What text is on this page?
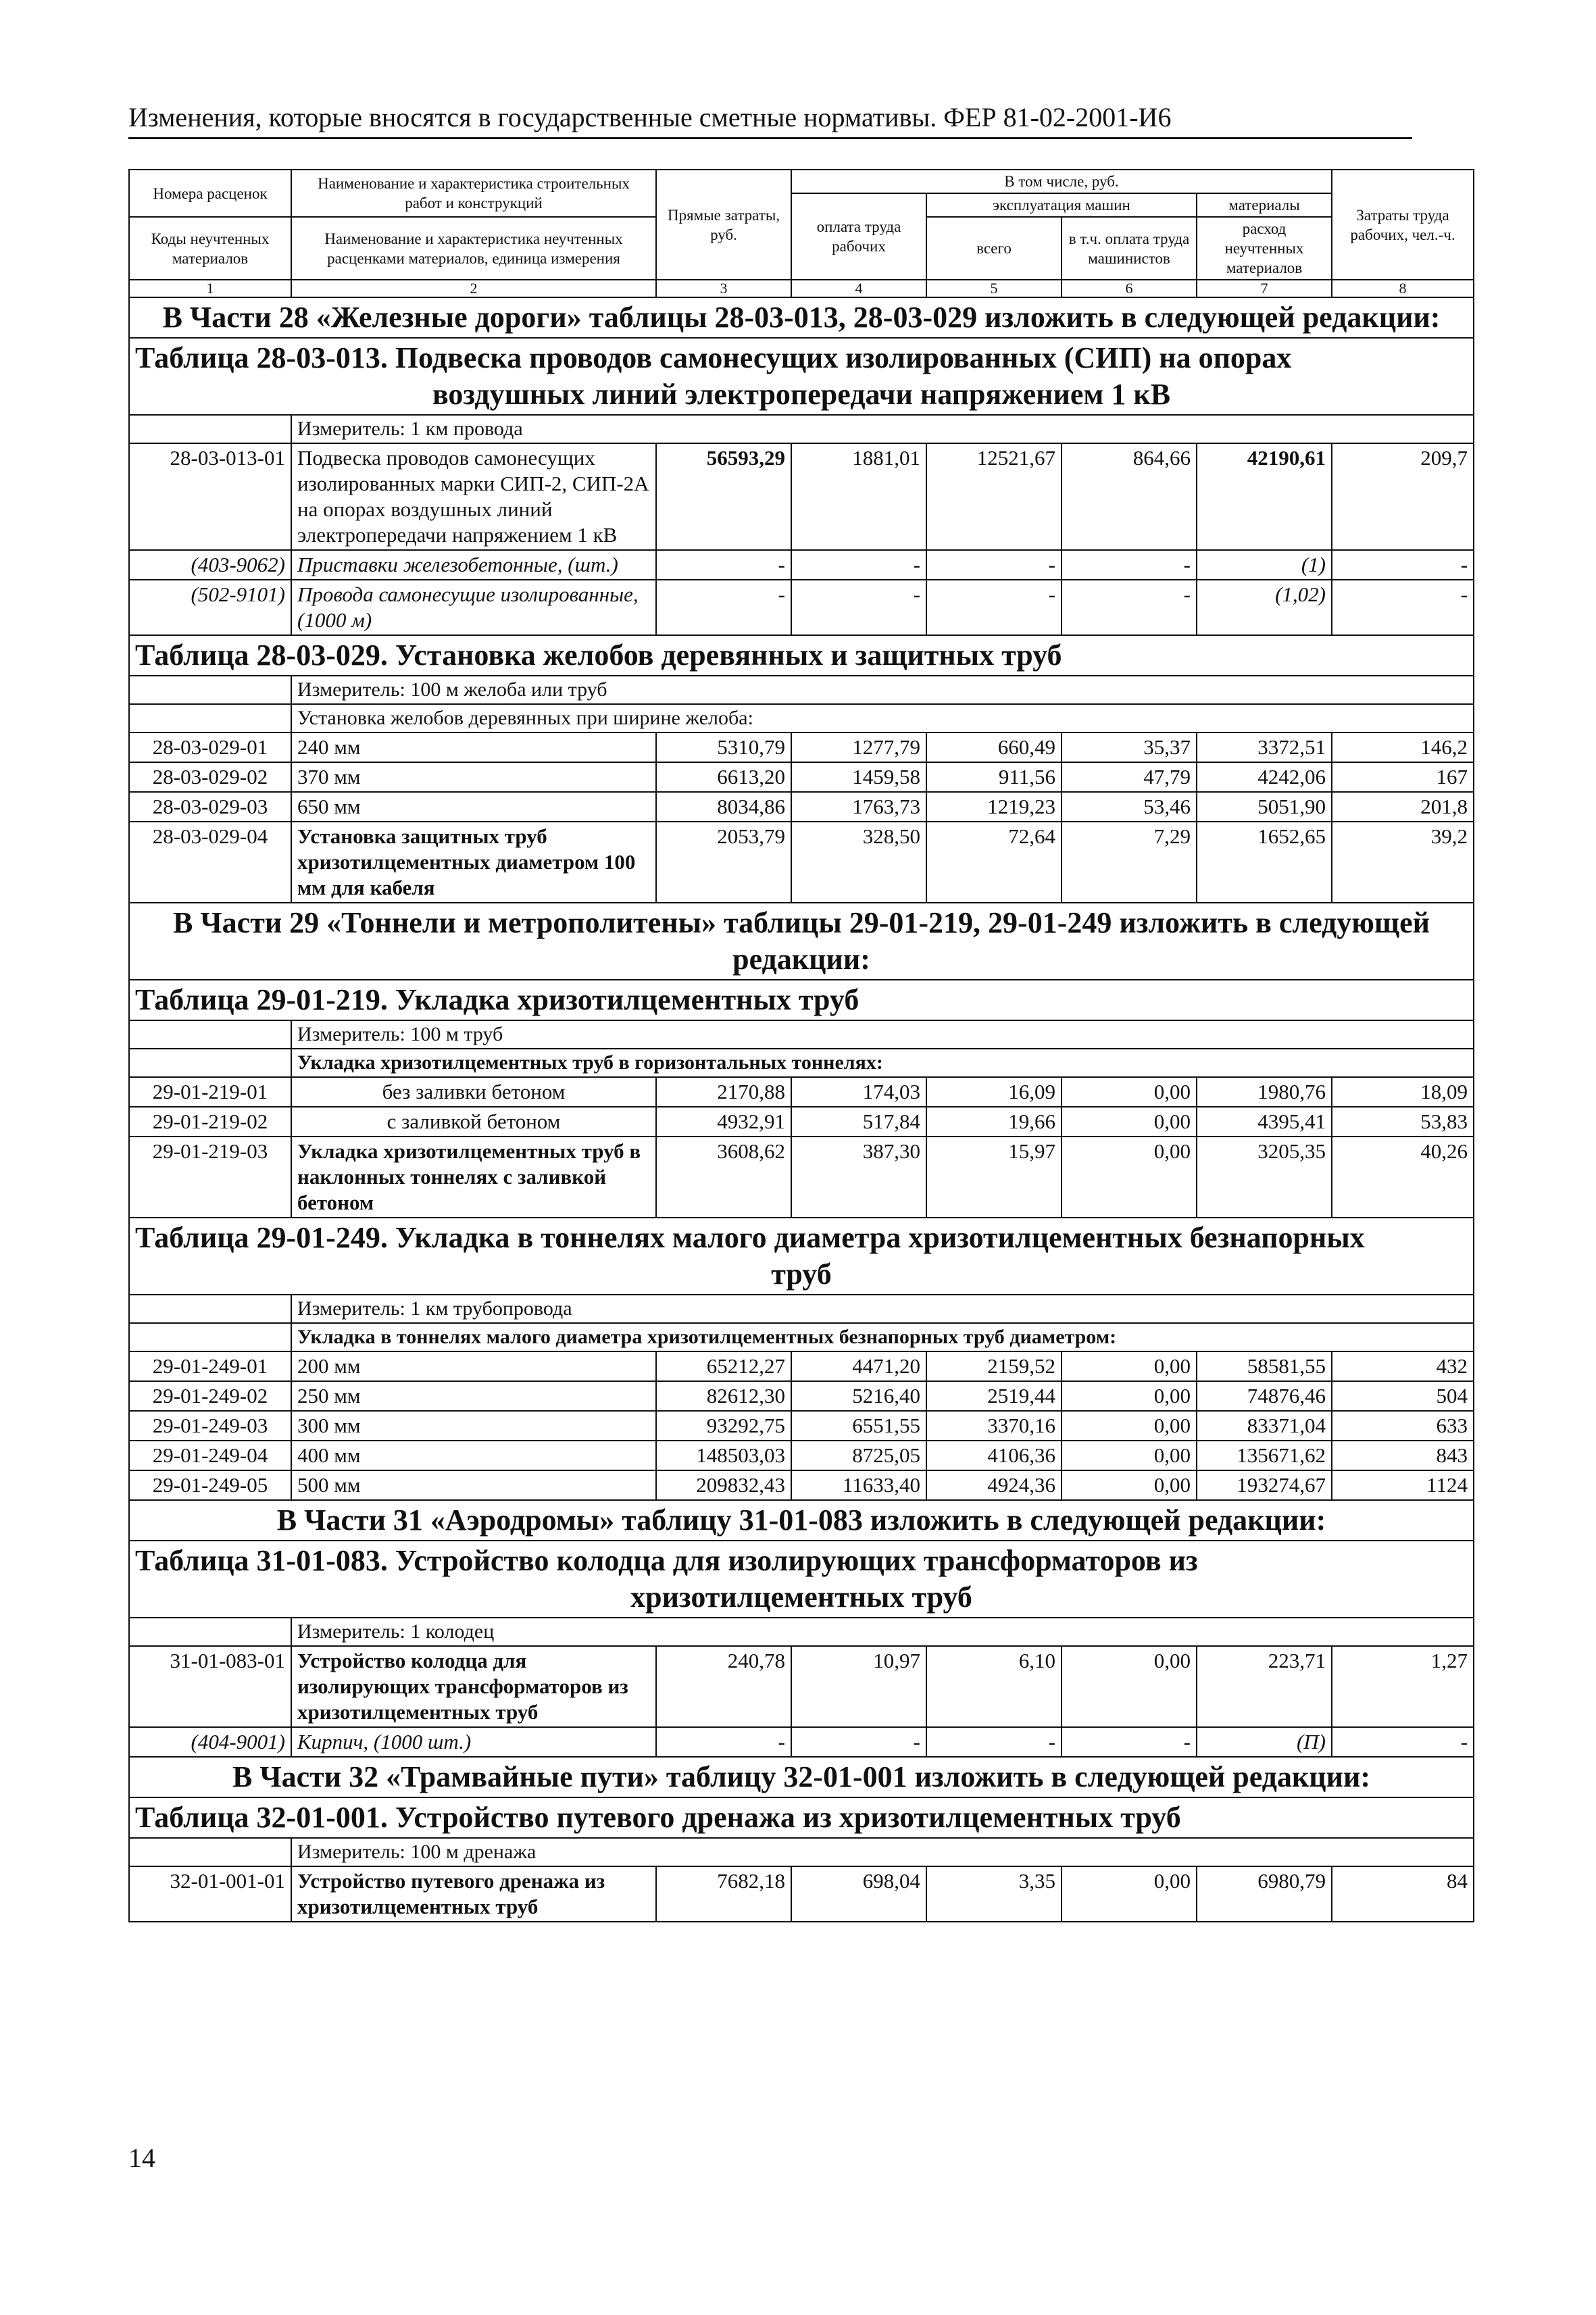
Изменения, которые вносятся в государственные сметные нормативы. ФЕР 81-02-2001-И6
Номера расценок	Наименование и характеристика строительных работ и конструкций	Прямые затраты, руб.	В том числе, руб.				Затраты труда рабочих, чел.-ч.
			оплата труда рабочих	эксплуатация машин		материалы	
Коды неучтенных материалов	Наименование и характеристика неучтенных расценками материалов, единица измерения			всего	в т.ч. оплата труда машинистов	расход неучтенных материалов	

1	2	3	4	5	6	7	8
В Части 28 «Железные дороги» таблицы 28-03-013, 28-03-029 изложить в следующей редакции:							
Таблица 28-03-013. Подвеска проводов самонесущих изолированных (СИП) на опорах
воздушных линий электропередачи напряжением 1 кВ							

	Измеритель: 1 км провода						
28-03-013-01	Подвеска проводов самонесущих изолированных марки СИП-2, СИП-2А на опорах воздушных линий электропередачи напряжением 1 кВ	56593,29	1881,01	12521,67	864,66	42190,61	209,7
(403-9062)	Приставки железобетонные, (шт.)	-	-	-	-	(1)	-
(502-9101)	Провода самонесущие изолированные, (1000 м)	-	-	-	-	(1,02)	-
Таблица 28-03-029. Установка желобов деревянных и защитных труб							
	Измеритель: 100 м желоба или труб						
	Установка желобов деревянных при ширине желоба:						
28-03-029-01	240 мм	5310,79	1277,79	660,49	35,37	3372,51	146,2
28-03-029-02	370 мм	6613,20	1459,58	911,56	47,79	4242,06	167
28-03-029-03	650 мм	8034,86	1763,73	1219,23	53,46	5051,90	201,8
28-03-029-04	Установка защитных труб хризотилцементных диаметром 100 мм для кабеля	2053,79	328,50	72,64	7,29	1652,65	39,2
В Части 29 «Тоннели и метрополитены» таблицы 29-01-219, 29-01-249 изложить в следующей редакции:							
Таблица 29-01-219. Укладка хризотилцементных труб							
	Измеритель: 100 м труб						
	Укладка хризотилцементных труб в горизонтальных тоннелях:						
29-01-219-01	без заливки бетоном	2170,88	174,03	16,09	0,00	1980,76	18,09
29-01-219-02	с заливкой бетоном	4932,91	517,84	19,66	0,00	4395,41	53,83
29-01-219-03	Укладка хризотилцементных труб в наклонных тоннелях с заливкой бетоном	3608,62	387,30	15,97	0,00	3205,35	40,26
Таблица 29-01-249. Укладка в тоннелях малого диаметра хризотилцементных безнапорных
труб							

	Измеритель: 1 км трубопровода						
	Укладка в тоннелях малого диаметра хризотилцементных безнапорных труб диаметром:						
29-01-249-01	200 мм	65212,27	4471,20	2159,52	0,00	58581,55	432
29-01-249-02	250 мм	82612,30	5216,40	2519,44	0,00	74876,46	504
29-01-249-03	300 мм	93292,75	6551,55	3370,16	0,00	83371,04	633
29-01-249-04	400 мм	148503,03	8725,05	4106,36	0,00	135671,62	843
29-01-249-05	500 мм	209832,43	11633,40	4924,36	0,00	193274,67	1124
В Части 31 «Аэродромы» таблицу 31-01-083 изложить в следующей редакции:							
Таблица 31-01-083. Устройство колодца для изолирующих трансформаторов из
хризотилцементных труб							

	Измеритель: 1 колодец						
31-01-083-01	Устройство колодца для изолирующих трансформаторов из хризотилцементных труб	240,78	10,97	6,10	0,00	223,71	1,27
(404-9001)	Кирпич, (1000 шт.)	-	-	-	-	(П)	-
В Части 32 «Трамвайные пути» таблицу 32-01-001 изложить в следующей редакции:							
Таблица 32-01-001. Устройство путевого дренажа из хризотилцементных труб							
	Измеритель: 100 м дренажа						
32-01-001-01	Устройство путевого дренажа из хризотилцементных труб	7682,18	698,04	3,35	0,00	6980,79	84
14
